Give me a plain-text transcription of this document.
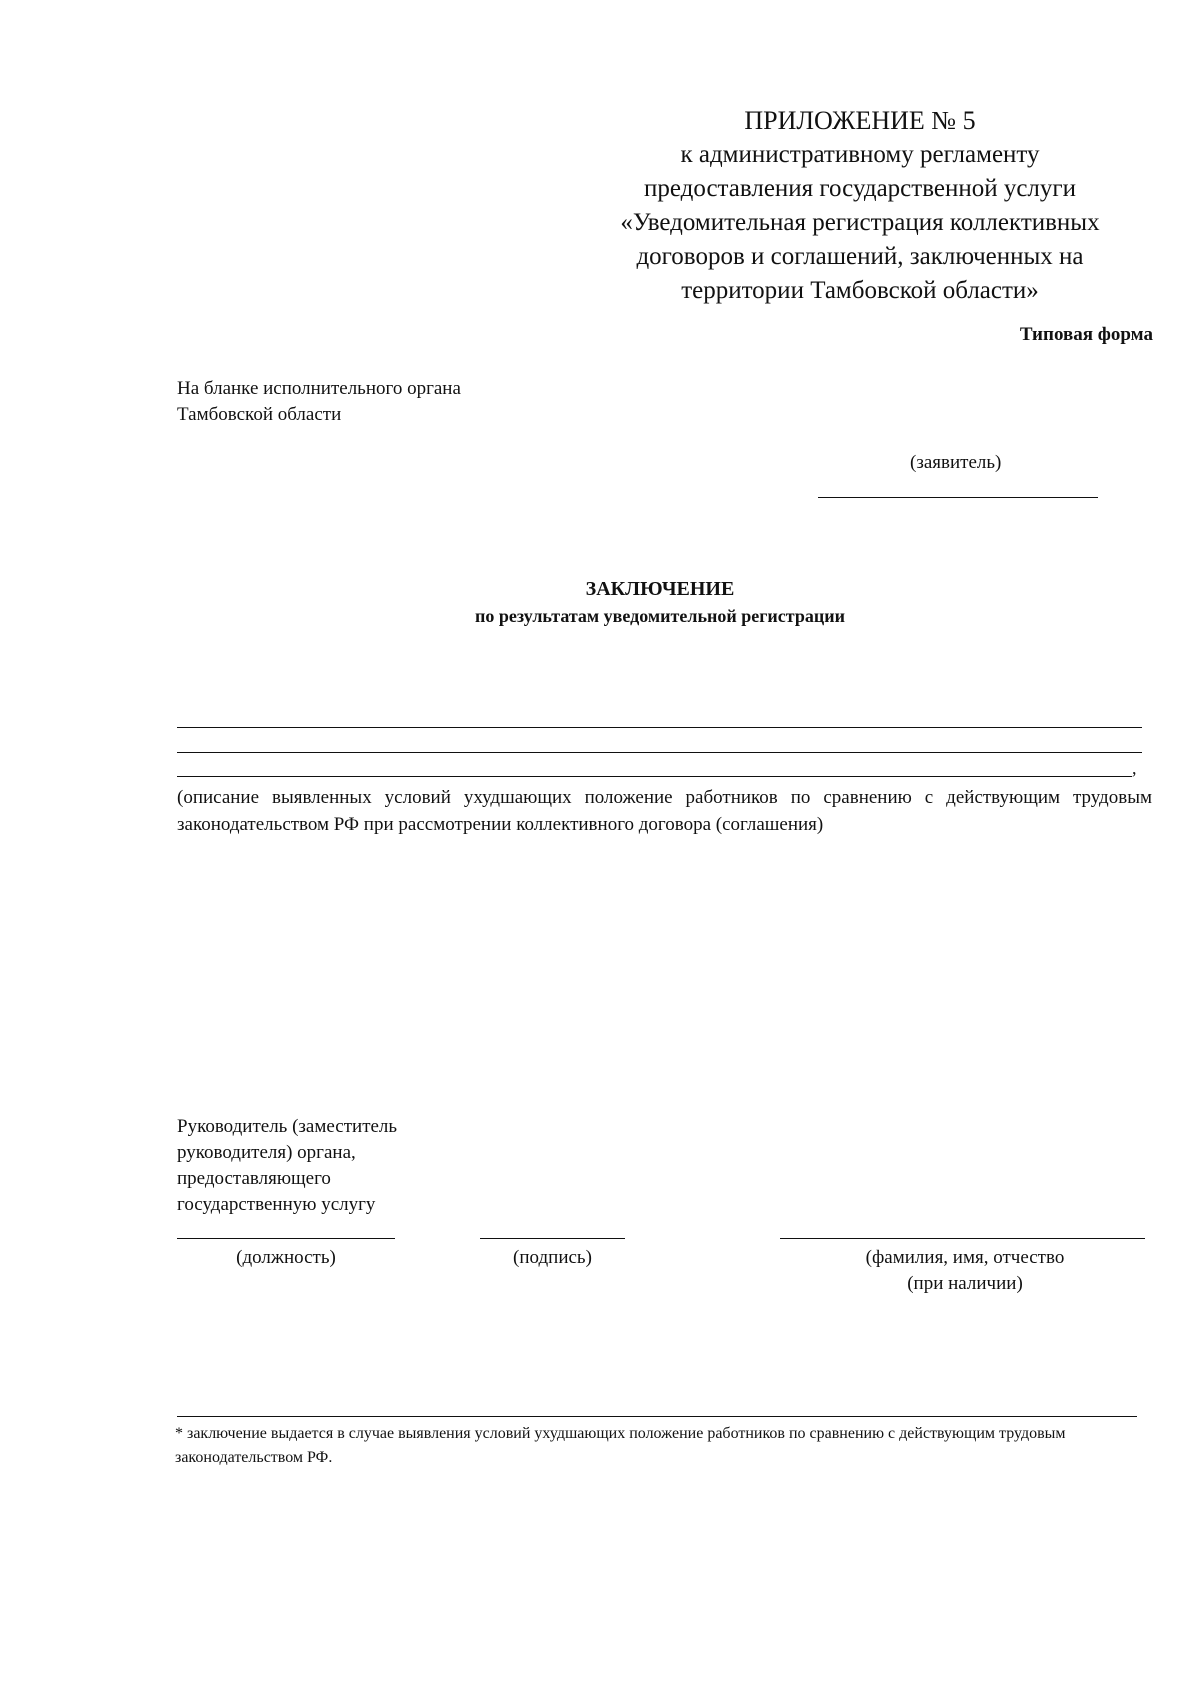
ПРИЛОЖЕНИЕ № 5
к административному регламенту
предоставления государственной услуги
«Уведомительная регистрация коллективных
договоров и соглашений, заключенных на
территории Тамбовской области»
Типовая форма
На бланке исполнительного органа
Тамбовской области
(заявитель)
ЗАКЛЮЧЕНИЕ
по результатам уведомительной регистрации
,
(описание выявленных условий ухудшающих положение работников по сравнению с действующим трудовым законодательством РФ при рассмотрении коллективного договора (соглашения)
Руководитель (заместитель
руководителя) органа,
предоставляющего
государственную услугу
(должность)	(подпись)	(фамилия, имя, отчество
(при наличии)
* заключение выдается в случае выявления условий ухудшающих положение работников по сравнению с действующим трудовым законодательством РФ.
